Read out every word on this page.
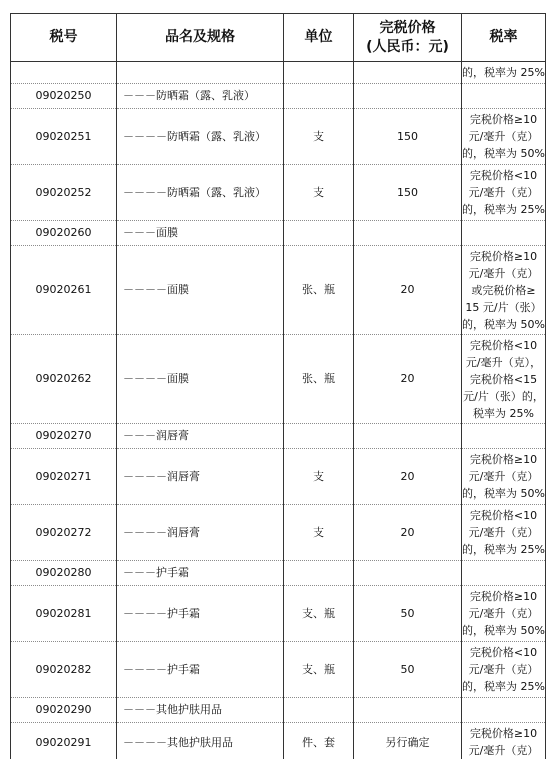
税号	品名及规格	单位	完税价格
(人民币：元)	税率
				的，税率为 25%
09020250	－－－防晒霜（露、乳液）			
09020251	－－－－防晒霜（露、乳液）	支	150	完税价格≥10
元/毫升（克）
的，税率为 50%

09020252	－－－－防晒霜（露、乳液）	支	150	完税价格<10
元/毫升（克）
的，税率为 25%

09020260	－－－面膜			
09020261	－－－－面膜	张、瓶	20	完税价格≥10
元/毫升（克）
或完税价格≥
15 元/片（张）
的，税率为 50%

09020262	－－－－面膜	张、瓶	20	完税价格<10
元/毫升（克），
完税价格<15
元/片（张）的，
税率为 25%

09020270	－－－润唇膏			
09020271	－－－－润唇膏	支	20	完税价格≥10
元/毫升（克）
的，税率为 50%

09020272	－－－－润唇膏	支	20	完税价格<10
元/毫升（克）
的，税率为 25%

09020280	－－－护手霜			
09020281	－－－－护手霜	支、瓶	50	完税价格≥10
元/毫升（克）
的，税率为 50%

09020282	－－－－护手霜	支、瓶	50	完税价格<10
元/毫升（克）
的，税率为 25%

09020290	－－－其他护肤用品			
09020291	－－－－其他护肤用品	件、套	另行确定	完税价格≥10
元/毫升（克）
